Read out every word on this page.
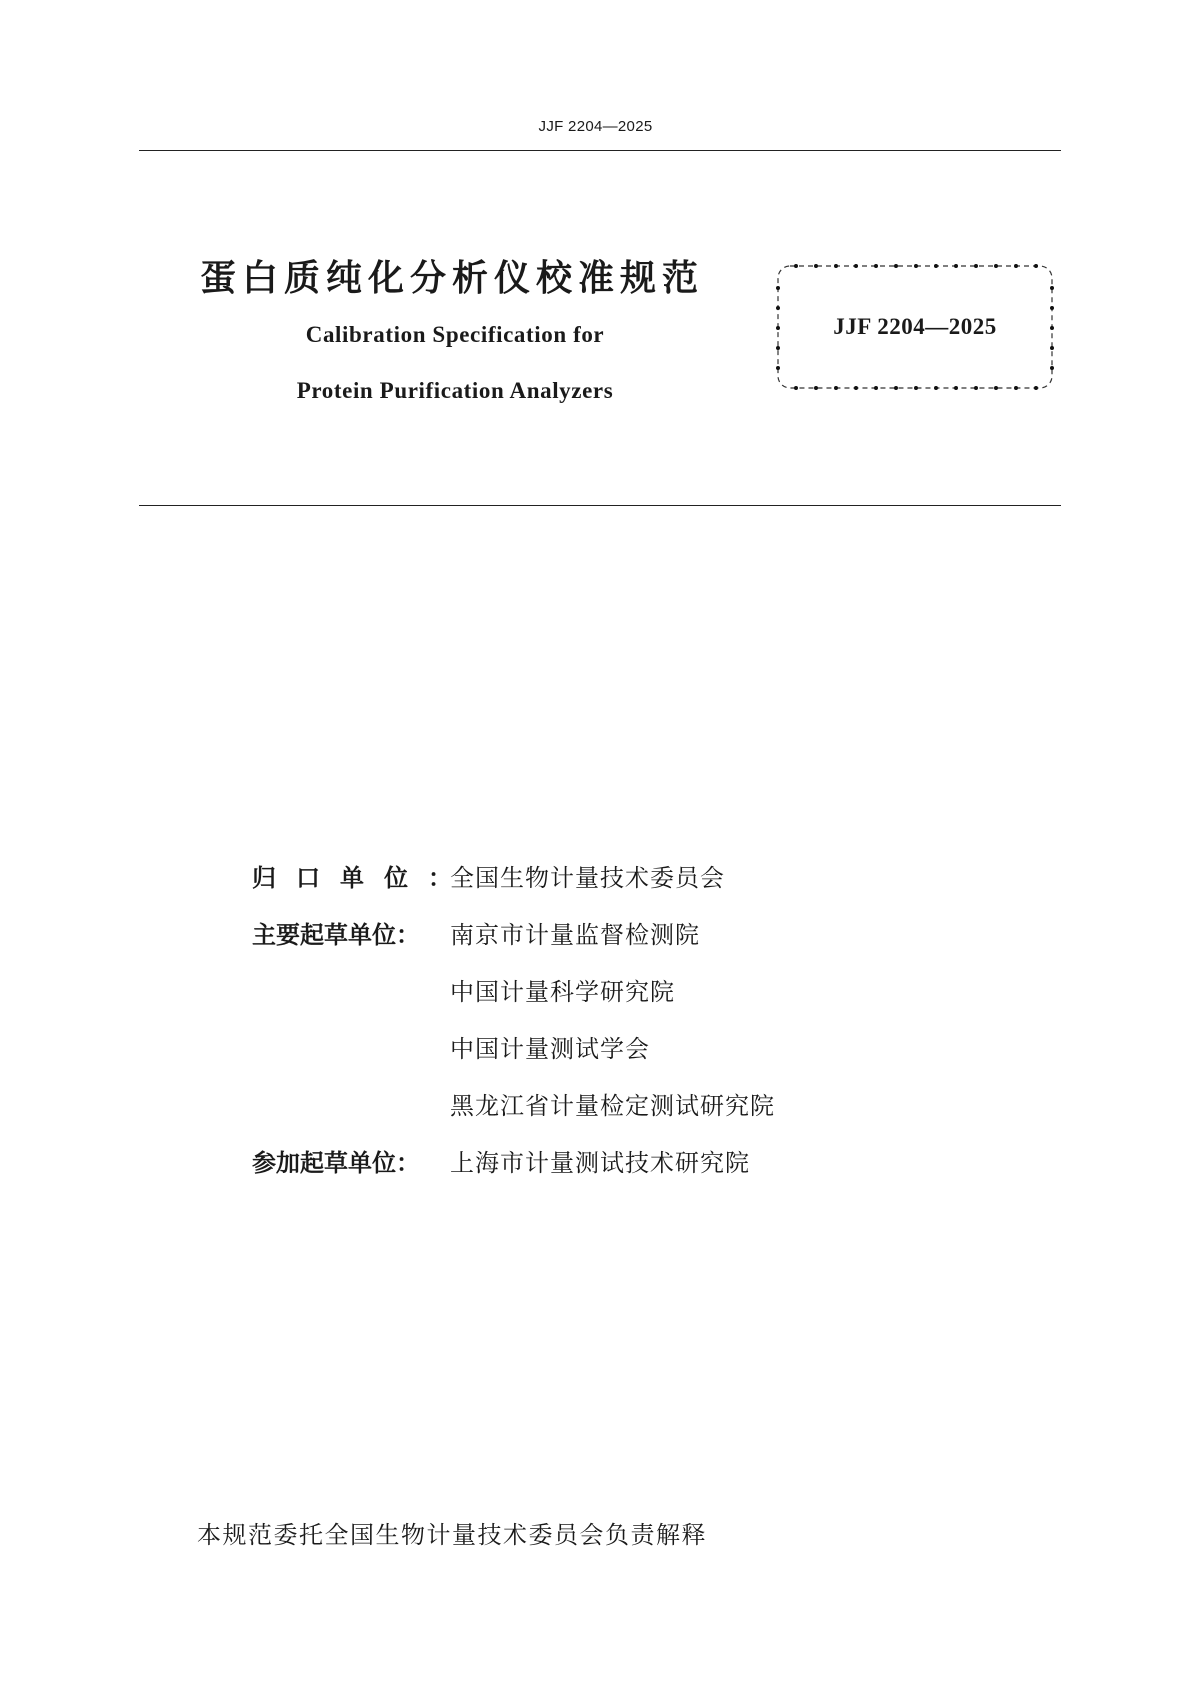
JJF 2204—2025
蛋白质纯化分析仪校准规范
Calibration Specification for
Protein Purification Analyzers
JJF 2204—2025
归口单位：
全国生物计量技术委员会
主要起草单位： 南京市计量监督检测院
中国计量科学研究院
中国计量测试学会
黑龙江省计量检定测试研究院
参加起草单位： 上海市计量测试技术研究院
本规范委托全国生物计量技术委员会负责解释
